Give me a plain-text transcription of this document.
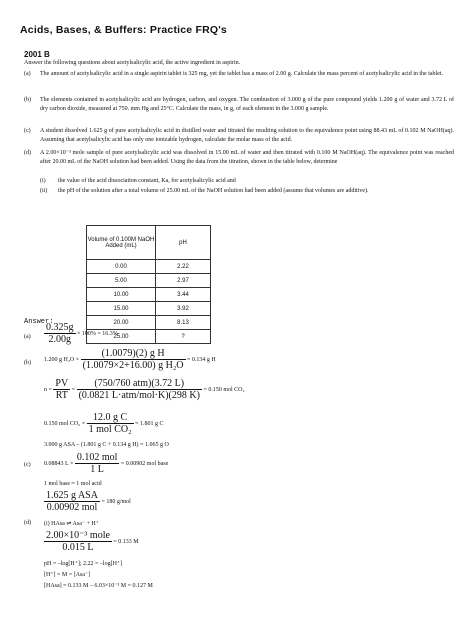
Acids, Bases, & Buffers: Practice FRQ's
2001 B
Answer the following questions about acetylsalicylic acid, the active ingredient in aspirin.
(a) The amount of acetylsalicylic acid in a single aspirin tablet is 325 mg, yet the tablet has a mass of 2.00 g. Calculate the mass percent of acetylsalicylic acid in the tablet.
(b) The elements contained in acetylsalicylic acid are hydrogen, carbon, and oxygen. The combustion of 3.000 g of the pure compound yields 1.200 g of water and 3.72 L of dry carbon dioxide, measured at 750. mm Hg and 25°C. Calculate the mass, in g, of each element in the 3.000 g sample.
(c) A student dissolved 1.625 g of pure acetylsalicylic acid in distilled water and titrated the resulting solution to the equivalence point using 88.43 mL of 0.102 M NaOH(aq). Assuming that acetylsalicylic acid has only one ionizable hydrogen, calculate the molar mass of the acid.
(d) A 2.00×10⁻³ mole sample of pure acetylsalicylic acid was dissolved in 15.00 mL of water and then titrated with 0.100 M NaOH(aq). The equivalence point was reached after 20.00 mL of the NaOH solution had been added. Using the data from the titration, shown in the table below, determine
(i) the value of the acid dissociation constant, Ka, for acetylsalicylic acid and
(ii) the pH of the solution after a total volume of 25.00 mL of the NaOH solution had been added (assume that volumes are additive).
Volume of 0.100M NaOH Added (mL)	pH
0.00	2.22
5.00	2.97
10.00	3.44
15.00	3.92
20.00	8.13
25.00	?
Answer:
$(a) \frac{0.325g}{2.00g} \times 100\% = 16.3\%$
(b)
1.200 g $H_2O \times \frac{\text{(1.0079)(2) g H}}{\text{(1.0079×2+16.00) g H₂O}} = 0.134$ g H
$n = \frac{PV}{RT}$ =
(750/760 atm)(3.72 L)
(0.0821 L·atm/mol·K)(298 K)
= 0.150 mol CO₂
0.150 mol CO₂ ×
12.0 g C
1 mol CO₂
= 1.801 g C
3.000 g ASA – (1.801 g C + 0.134 g H) = 1.065 g O
(c) 0.08843 L ×
0.102 mol
1 L
= 0.00902 mol base
1 mol base ≈ 1 mol acid
1.625 g ASA
0.00902 mol
= 180 g/mol
(d) (i) HAsa ⇌ Asa⁻ + H⁺
2.00×10⁻³ mole
0.015 L
= 0.133 M
pH = –log[H⁺]; 2.22 = –log[H⁺]
[H⁺] = M = [Asa⁻]
[HAsa] = 0.133 M – 6.03×10⁻³ M = 0.127 M
